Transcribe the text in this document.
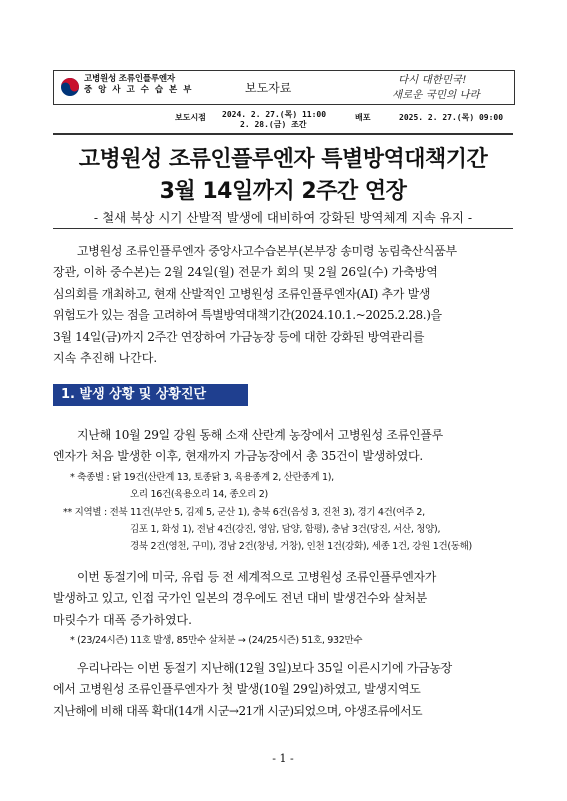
고병원성 조류인플루엔자
중 앙 사 고 수 습 본 부	보도자료
다시 대한민국!
새로운 국민의 나라
보도시점 2024. 2. 27.(목) 11:00
2. 28.(금) 조간
배포	2025. 2. 27.(목) 09:00
고병원성 조류인플루엔자 특별방역대책기간
3월 14일까지 2주간 연장
- 철새 북상 시기 산발적 발생에 대비하여 강화된 방역체계 지속 유지 -
고병원성 조류인플루엔자 중앙사고수습본부(본부장 송미령 농림축산식품부
장관, 이하 중수본)는 2월 24일(월) 전문가 회의 및 2월 26일(수) 가축방역
심의회를 개최하고, 현재 산발적인 고병원성 조류인플루엔자(AI) 추가 발생
위험도가 있는 점을 고려하여 특별방역대책기간(2024.10.1.~2025.2.28.)을
3월 14일(금)까지 2주간 연장하여 가금농장 등에 대한 강화된 방역관리를
지속 추진해 나간다.
1. 발생 상황 및 상황진단
지난해 10월 29일 강원 동해 소재 산란계 농장에서 고병원성 조류인플루
엔자가 처음 발생한 이후, 현재까지 가금농장에서 총 35건이 발생하였다.
* 축종별 : 닭 19건(산란계 13, 토종닭 3, 육용종계 2, 산란종계 1),
오리 16건(육용오리 14, 종오리 2)
** 지역별 : 전북 11건(부안 5, 김제 5, 군산 1), 충북 6건(음성 3, 진천 3), 경기 4건(여주 2,
김포 1, 화성 1), 전남 4건(강진, 영암, 담양, 함평), 충남 3건(당진, 서산, 청양),
경북 2건(영천, 구미), 경남 2건(창녕, 거창), 인천 1건(강화), 세종 1건, 강원 1건(동해)
이번 동절기에 미국, 유럽 등 전 세계적으로 고병원성 조류인플루엔자가
발생하고 있고, 인접 국가인 일본의 경우에도 전년 대비 발생건수와 살처분
마릿수가 대폭 증가하였다.
* (23/24시즌) 11호 발생, 85만수 살처분 → (24/25시즌) 51호, 932만수
우리나라는 이번 동절기 지난해(12월 3일)보다 35일 이른시기에 가금농장
에서 고병원성 조류인플루엔자가 첫 발생(10월 29일)하였고, 발생지역도
지난해에 비해 대폭 확대(14개 시군→21개 시군)되었으며, 야생조류에서도
- 1 -
